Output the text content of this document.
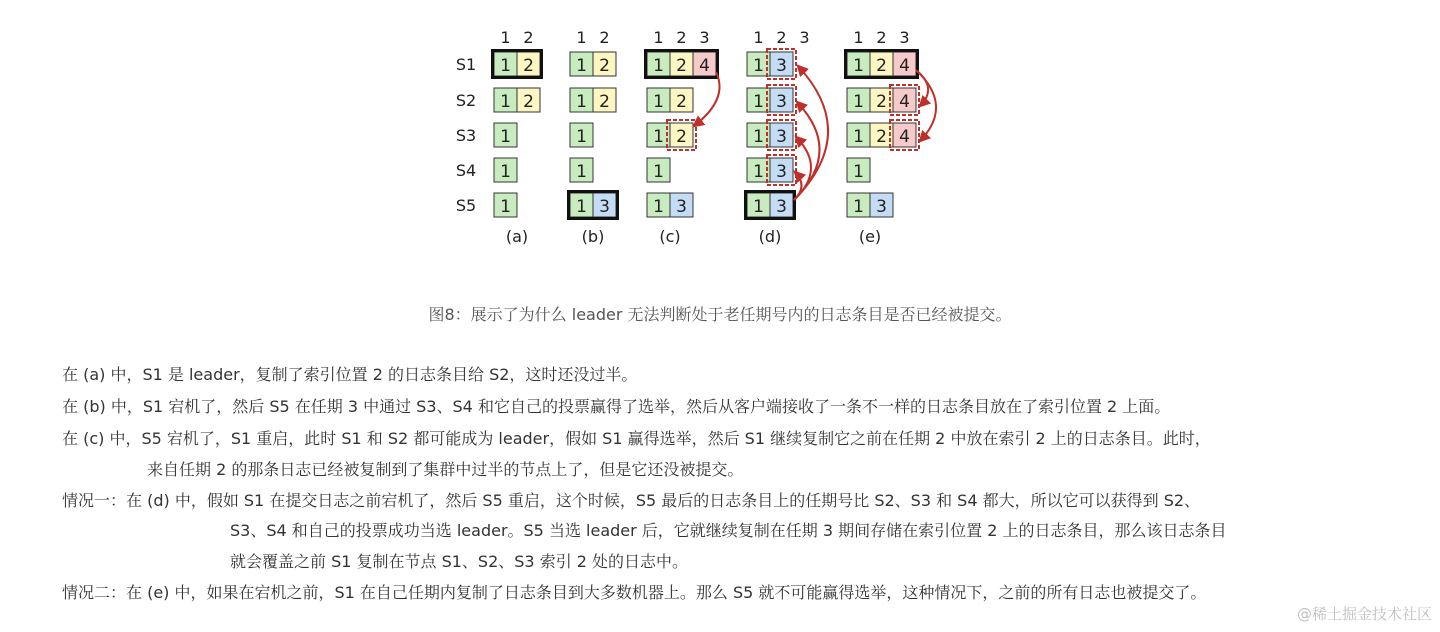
S1
S2
S3
S4
S5
1 2
1 2
1 2
1
1
1
(a)
1 2
1 2
1 2
1
1
1 3
(b)
1 2 3
1 2 4
1 2
1 2
1
1 3
(c)
1 2 3
1 3
1 3
1 3
1 3
1 3
(d)
1 2 3
1 2 4
1 2 4
1 2 4
1
1 3
(e)
图8：展示了为什么 leader 无法判断处于老任期号内的日志条目是否已经被提交。
在 (a) 中，S1 是 leader，复制了索引位置 2 的日志条目给 S2，这时还没过半。
在 (b) 中，S1 宕机了，然后 S5 在任期 3 中通过 S3、S4 和它自己的投票赢得了选举，然后从客户端接收了一条不一样的日志条目放在了索引位置 2 上面。
在 (c) 中，S5 宕机了，S1 重启，此时 S1 和 S2 都可能成为 leader，假如 S1 赢得选举，然后 S1 继续复制它之前在任期 2 中放在索引 2 上的日志条目。此时，
来自任期 2 的那条日志已经被复制到了集群中过半的节点上了，但是它还没被提交。
情况一：在 (d) 中，假如 S1 在提交日志之前宕机了，然后 S5 重启，这个时候，S5 最后的日志条目上的任期号比 S2、S3 和 S4 都大，所以它可以获得到 S2、
S3、S4 和自己的投票成功当选 leader。S5 当选 leader 后，它就继续复制在任期 3 期间存储在索引位置 2 上的日志条目，那么该日志条目
就会覆盖之前 S1 复制在节点 S1、S2、S3 索引 2 处的日志中。
情况二：在 (e) 中，如果在宕机之前，S1 在自己任期内复制了日志条目到大多数机器上。那么 S5 就不可能赢得选举，这种情况下，之前的所有日志也被提交了。
@稀土掘金技术社区
